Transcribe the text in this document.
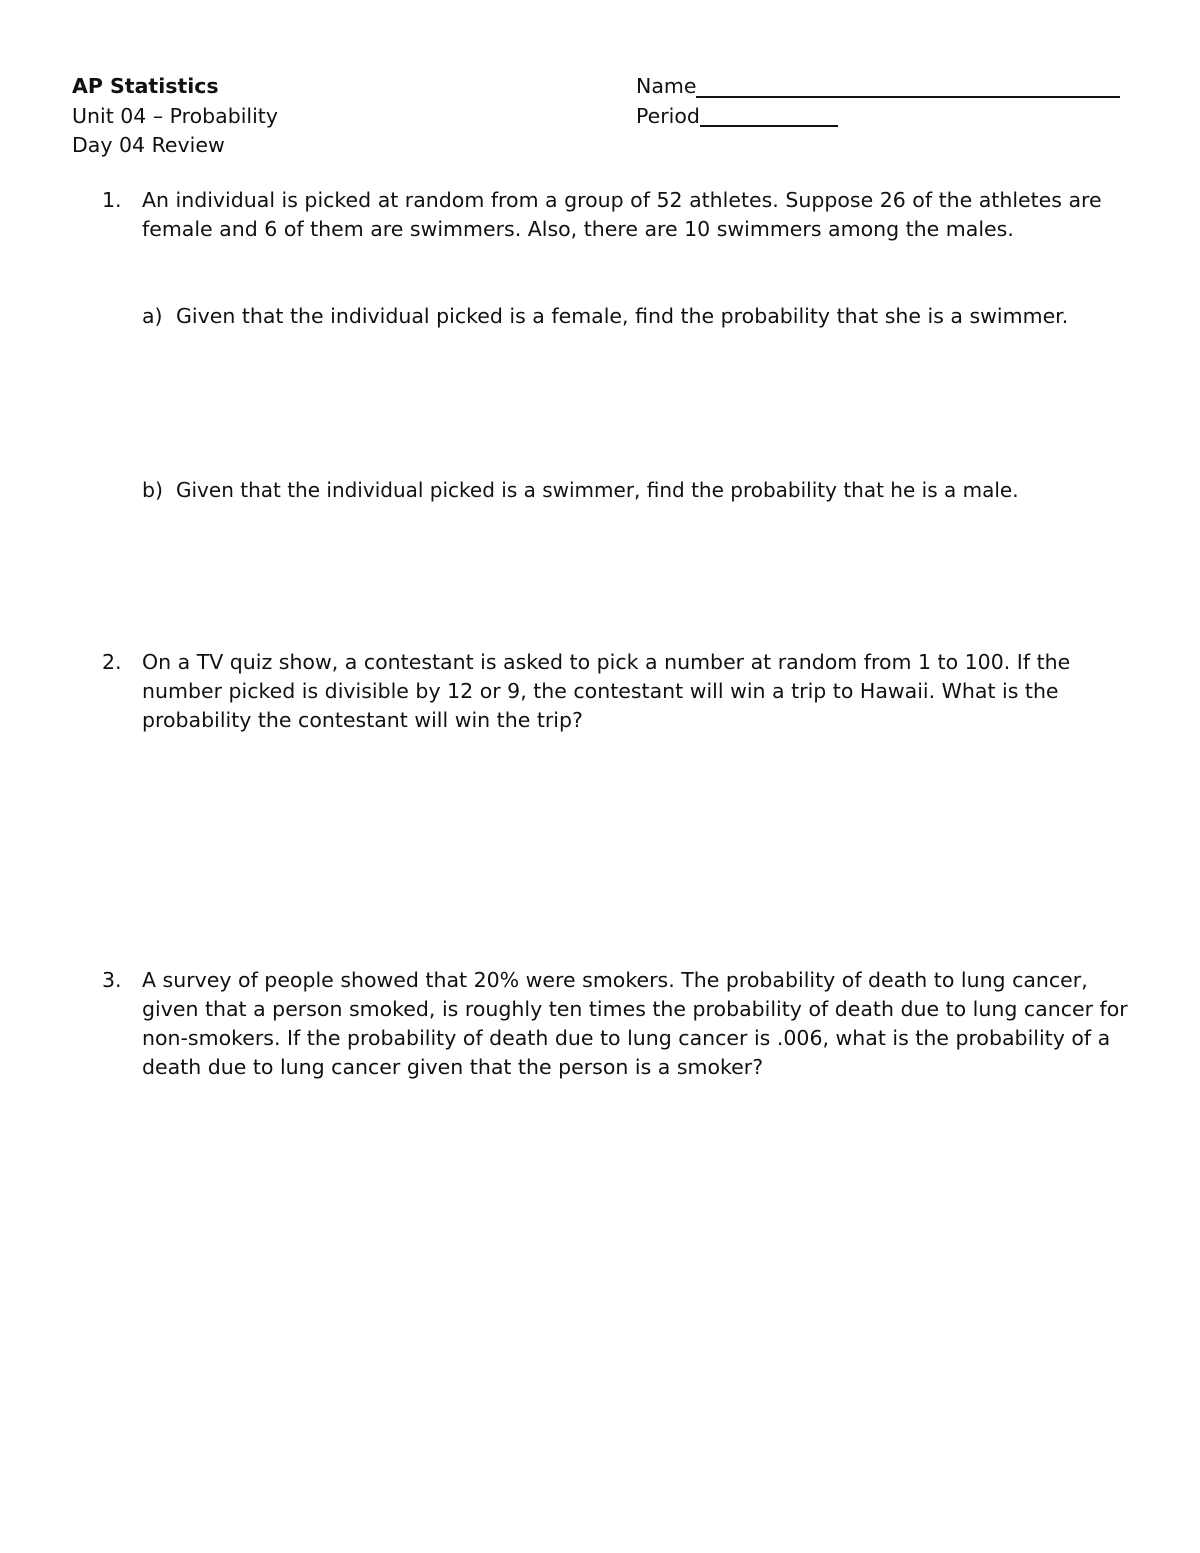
AP Statistics
Unit 04 – Probability
Day 04 Review
Name
Period
1. An individual is picked at random from a group of 52 athletes. Suppose 26 of the athletes are female and 6 of them are swimmers. Also, there are 10 swimmers among the males.
a) Given that the individual picked is a female, find the probability that she is a swimmer.
b) Given that the individual picked is a swimmer, find the probability that he is a male.
2. On a TV quiz show, a contestant is asked to pick a number at random from 1 to 100. If the number picked is divisible by 12 or 9, the contestant will win a trip to Hawaii. What is the probability the contestant will win the trip?
3. A survey of people showed that 20% were smokers. The probability of death to lung cancer, given that a person smoked, is roughly ten times the probability of death due to lung cancer for non-smokers. If the probability of death due to lung cancer is .006, what is the probability of a death due to lung cancer given that the person is a smoker?
